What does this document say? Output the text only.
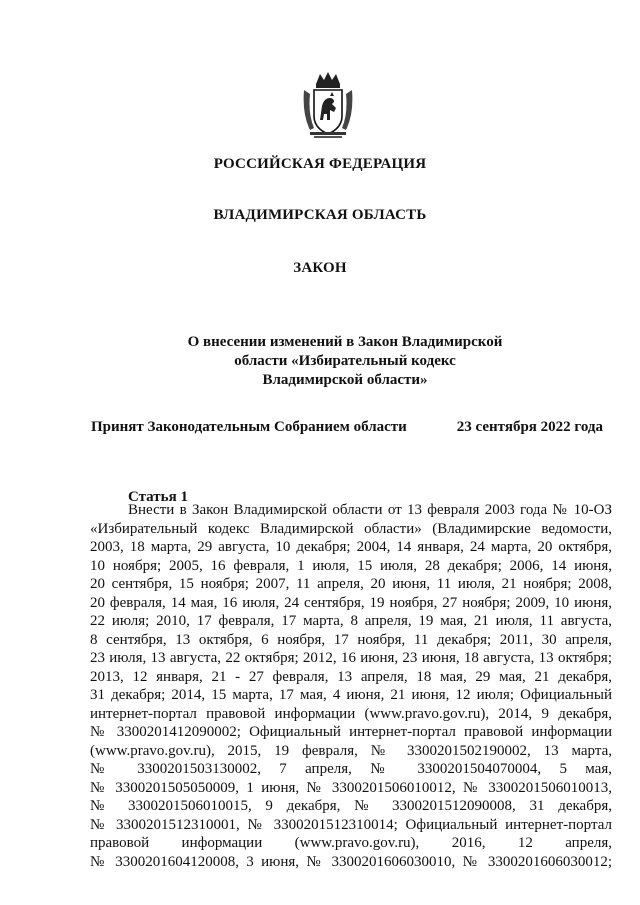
РОССИЙСКАЯ ФЕДЕРАЦИЯ
ВЛАДИМИРСКАЯ ОБЛАСТЬ
ЗАКОН
О внесении изменений в Закон Владимирской
области «Избирательный кодекс
Владимирской области»
Принят Законодательным Собранием области	23 сентября 2022 года
Статья 1
Внести в Закон Владимирской области от 13 февраля 2003 года № 10-ОЗ
«Избирательный кодекс Владимирской области» (Владимирские ведомости,
2003, 18 марта, 29 августа, 10 декабря; 2004, 14 января, 24 марта, 20 октября,
10 ноября; 2005, 16 февраля, 1 июля, 15 июля, 28 декабря; 2006, 14 июня,
20 сентября, 15 ноября; 2007, 11 апреля, 20 июня, 11 июля, 21 ноября; 2008,
20 февраля, 14 мая, 16 июля, 24 сентября, 19 ноября, 27 ноября; 2009, 10 июня,
22 июля; 2010, 17 февраля, 17 марта, 8 апреля, 19 мая, 21 июля, 11 августа,
8 сентября, 13 октября, 6 ноября, 17 ноября, 11 декабря; 2011, 30 апреля,
23 июля, 13 августа, 22 октября; 2012, 16 июня, 23 июня, 18 августа, 13 октября;
2013, 12 января, 21 - 27 февраля, 13 апреля, 18 мая, 29 мая, 21 декабря,
31 декабря; 2014, 15 марта, 17 мая, 4 июня, 21 июня, 12 июля; Официальный
интернет-портал правовой информации (www.pravo.gov.ru), 2014, 9 декабря,
№ 3300201412090002; Официальный интернет-портал правовой информации
(www.pravo.gov.ru), 2015, 19 февраля, № 3300201502190002, 13 марта,
№ 3300201503130002, 7 апреля, № 3300201504070004, 5 мая,
№ 3300201505050009, 1 июня, № 3300201506010012, № 3300201506010013,
№ 3300201506010015, 9 декабря, № 3300201512090008, 31 декабря,
№ 3300201512310001, № 3300201512310014; Официальный интернет-портал
правовой информации (www.pravo.gov.ru), 2016, 12 апреля,
№ 3300201604120008, 3 июня, № 3300201606030010, № 3300201606030012;
